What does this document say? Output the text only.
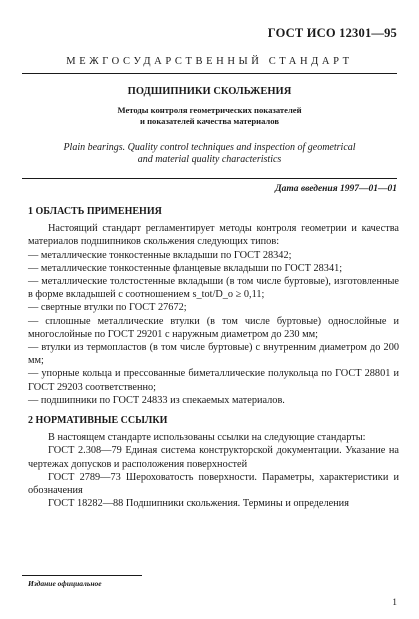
ГОСТ ИСО 12301—95
МЕЖГОСУДАРСТВЕННЫЙ СТАНДАРТ
ПОДШИПНИКИ СКОЛЬЖЕНИЯ
Методы контроля геометрических показателей
и показателей качества материалов
Plain bearings. Quality control techniques and inspection of geometrical
and material quality characteristics
Дата введения 1997—01—01
1 ОБЛАСТЬ ПРИМЕНЕНИЯ

Настоящий стандарт регламентирует методы контроля геометрии и качества материалов подшипников скольжения следующих типов:

— металлические тонкостенные вкладыши по ГОСТ 28342;

— металлические тонкостенные фланцевые вкладыши по ГОСТ 28341;

— металлические толстостенные вкладыши (в том числе буртовые), изготовленные в форме вкладышей с соотношением s_tot/D_o ≥ 0,11;

— свертные втулки по ГОСТ 27672;

— сплошные металлические втулки (в том числе буртовые) однослойные и многослойные по ГОСТ 29201 с наружным диаметром до 230 мм;

— втулки из термопластов (в том числе буртовые) с внутренним диаметром до 200 мм;

— упорные кольца и прессованные биметаллические полукольца по ГОСТ 28801 и ГОСТ 29203 соответственно;

— подшипники по ГОСТ 24833 из спекаемых материалов.

2 НОРМАТИВНЫЕ ССЫЛКИ

В настоящем стандарте использованы ссылки на следующие стандарты:

ГОСТ 2.308—79 Единая система конструкторской документации. Указание на чертежах допусков и расположения поверхностей

ГОСТ 2789—73 Шероховатость поверхности. Параметры, характеристики и обозначения

ГОСТ 18282—88 Подшипники скольжения. Термины и определения

Издание официальное
1
